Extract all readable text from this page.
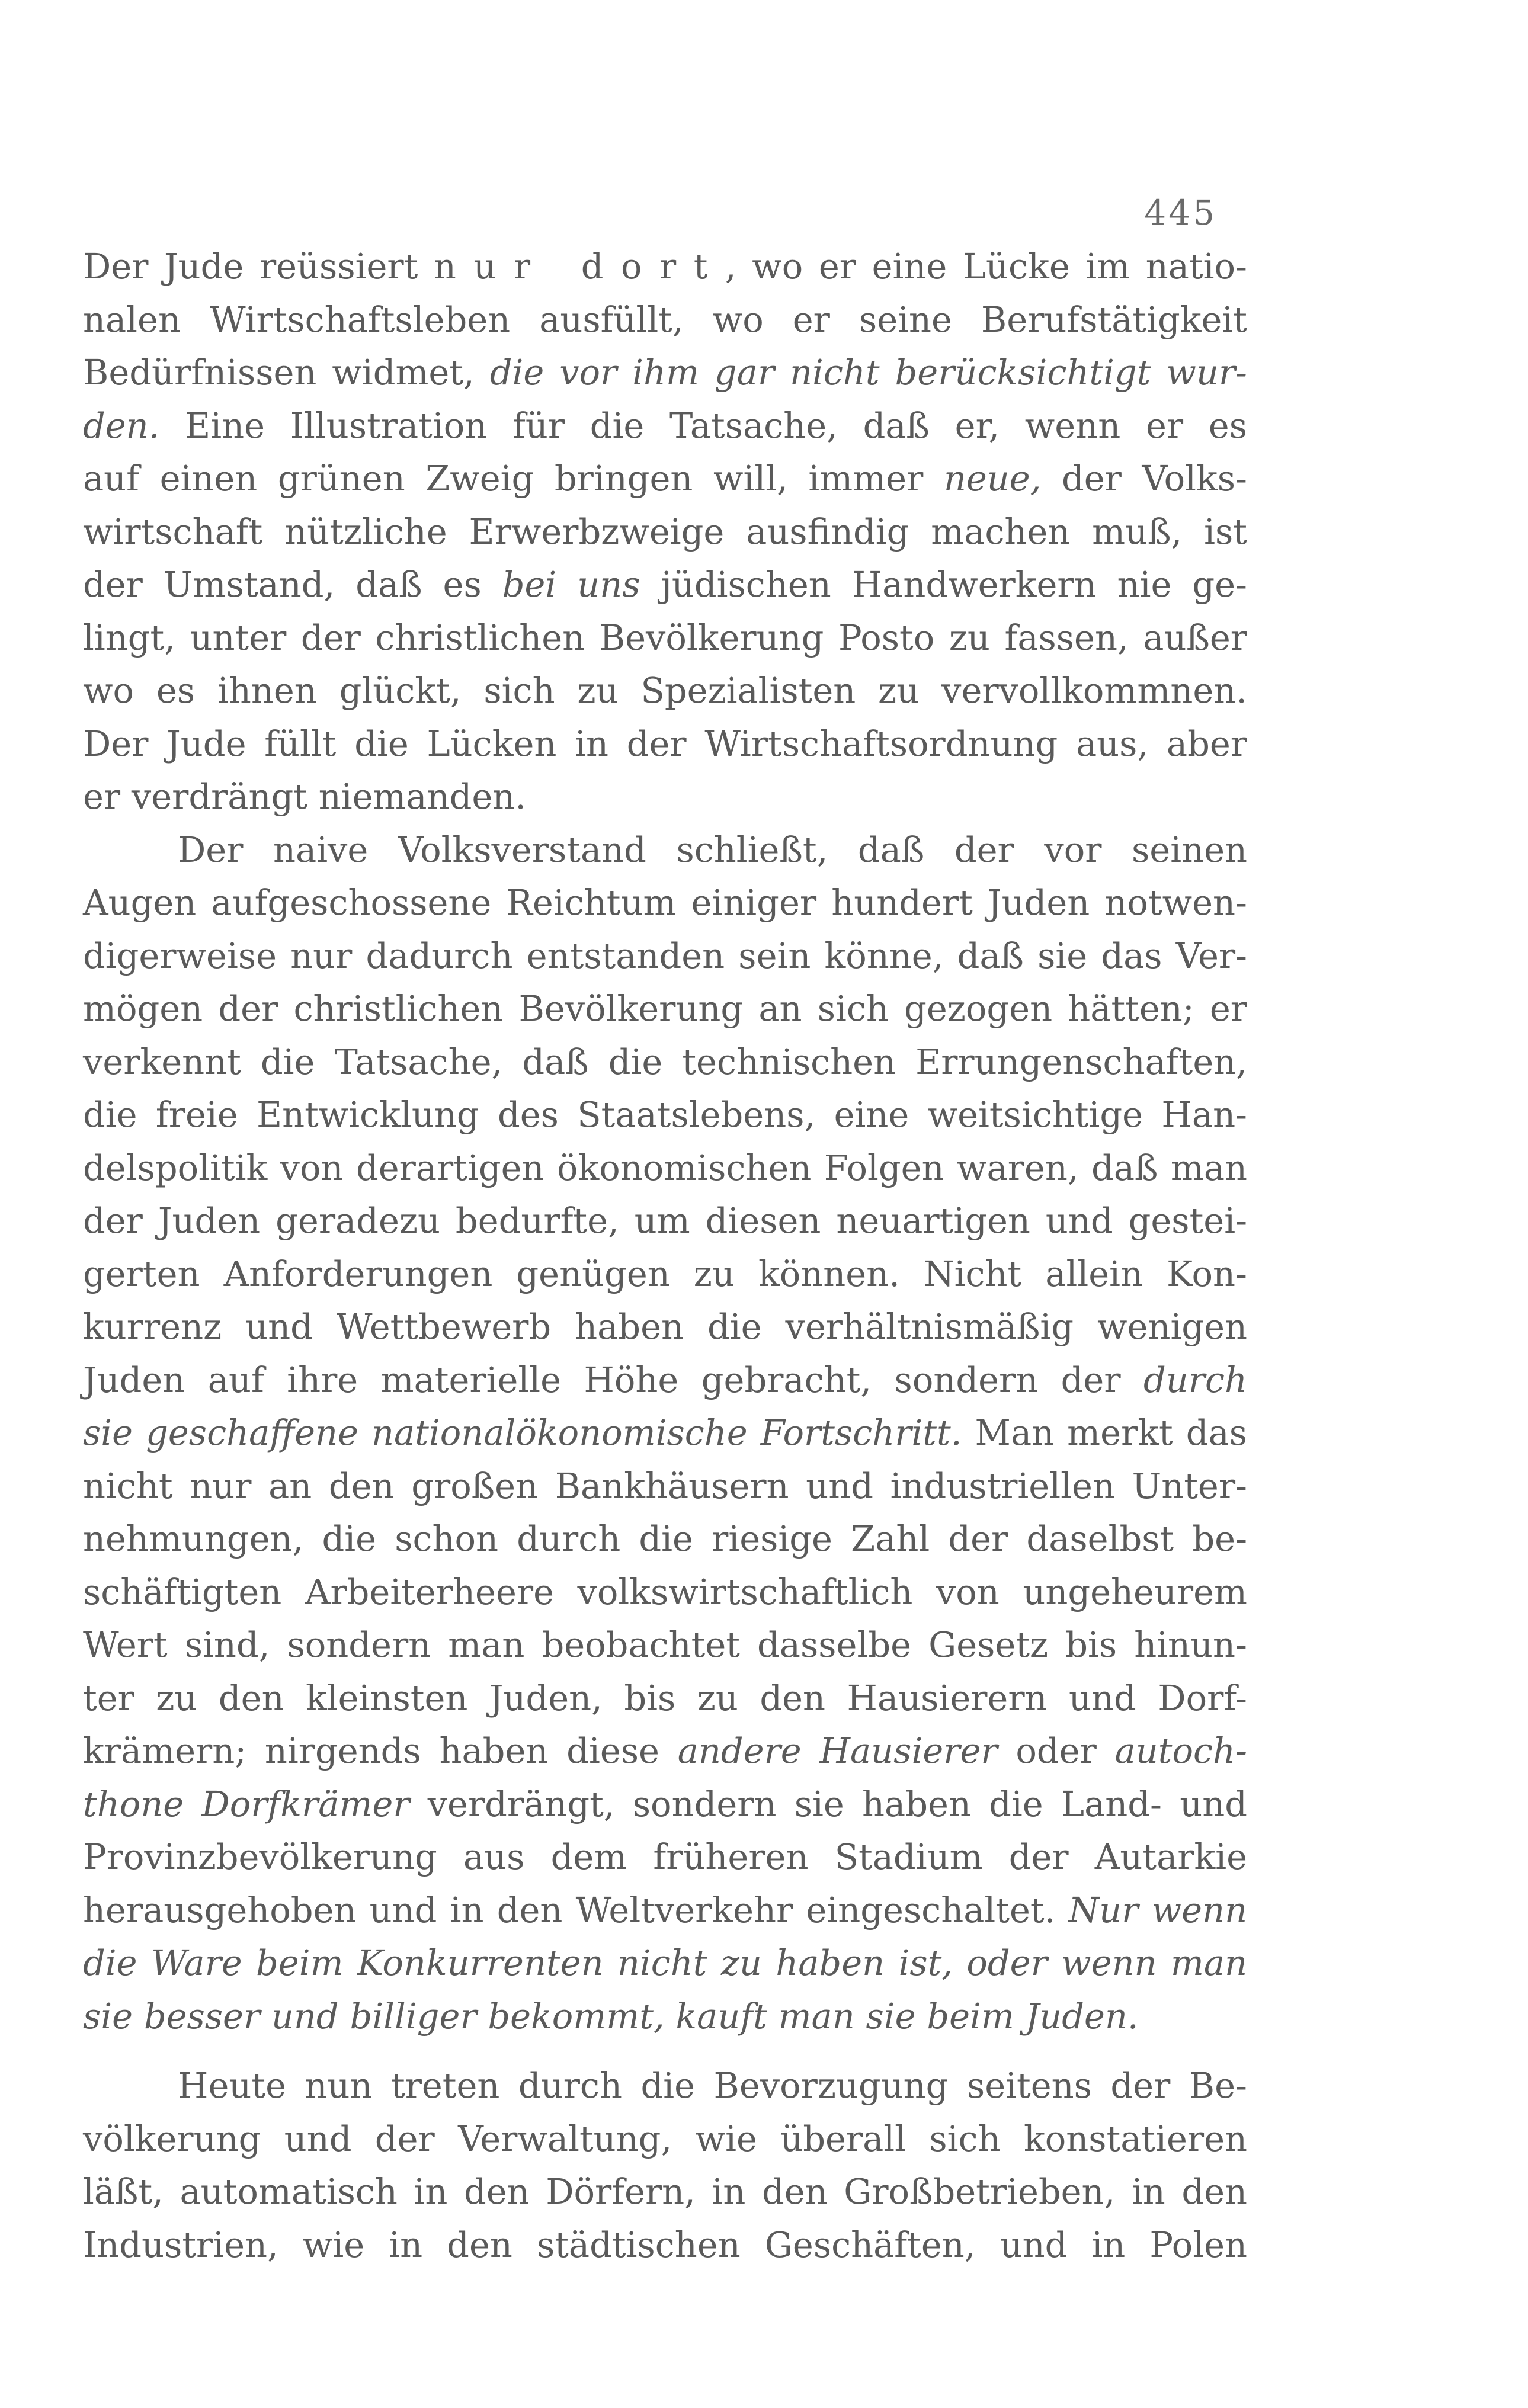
445
Der Jude reüssiert nur dort, wo er eine Lücke im natio-
nalen Wirtschaftsleben ausfüllt, wo er seine Berufstätigkeit
Bedürfnissen widmet, die vor ihm gar nicht berücksichtigt wur-
den. Eine Illustration für die Tatsache, daß er, wenn er es
auf einen grünen Zweig bringen will, immer neue, der Volks-
wirtschaft nützliche Erwerbzweige ausfindig machen muß, ist
der Umstand, daß es bei uns jüdischen Handwerkern nie ge-
lingt, unter der christlichen Bevölkerung Posto zu fassen, außer
wo es ihnen glückt, sich zu Spezialisten zu vervollkommnen.
Der Jude füllt die Lücken in der Wirtschaftsordnung aus, aber
er verdrängt niemanden.
Der naive Volksverstand schließt, daß der vor seinen
Augen aufgeschossene Reichtum einiger hundert Juden notwen-
digerweise nur dadurch entstanden sein könne, daß sie das Ver-
mögen der christlichen Bevölkerung an sich gezogen hätten; er
verkennt die Tatsache, daß die technischen Errungenschaften,
die freie Entwicklung des Staatslebens, eine weitsichtige Han-
delspolitik von derartigen ökonomischen Folgen waren, daß man
der Juden geradezu bedurfte, um diesen neuartigen und gestei-
gerten Anforderungen genügen zu können. Nicht allein Kon-
kurrenz und Wettbewerb haben die verhältnismäßig wenigen
Juden auf ihre materielle Höhe gebracht, sondern der durch
sie geschaffene nationalökonomische Fortschritt. Man merkt das
nicht nur an den großen Bankhäusern und industriellen Unter-
nehmungen, die schon durch die riesige Zahl der daselbst be-
schäftigten Arbeiterheere volkswirtschaftlich von ungeheurem
Wert sind, sondern man beobachtet dasselbe Gesetz bis hinun-
ter zu den kleinsten Juden, bis zu den Hausierern und Dorf-
krämern; nirgends haben diese andere Hausierer oder autoch-
thone Dorfkrämer verdrängt, sondern sie haben die Land- und
Provinzbevölkerung aus dem früheren Stadium der Autarkie
herausgehoben und in den Weltverkehr eingeschaltet. Nur wenn
die Ware beim Konkurrenten nicht zu haben ist, oder wenn man
sie besser und billiger bekommt, kauft man sie beim Juden.
Heute nun treten durch die Bevorzugung seitens der Be-
völkerung und der Verwaltung, wie überall sich konstatieren
läßt, automatisch in den Dörfern, in den Großbetrieben, in den
Industrien, wie in den städtischen Geschäften, und in Polen
